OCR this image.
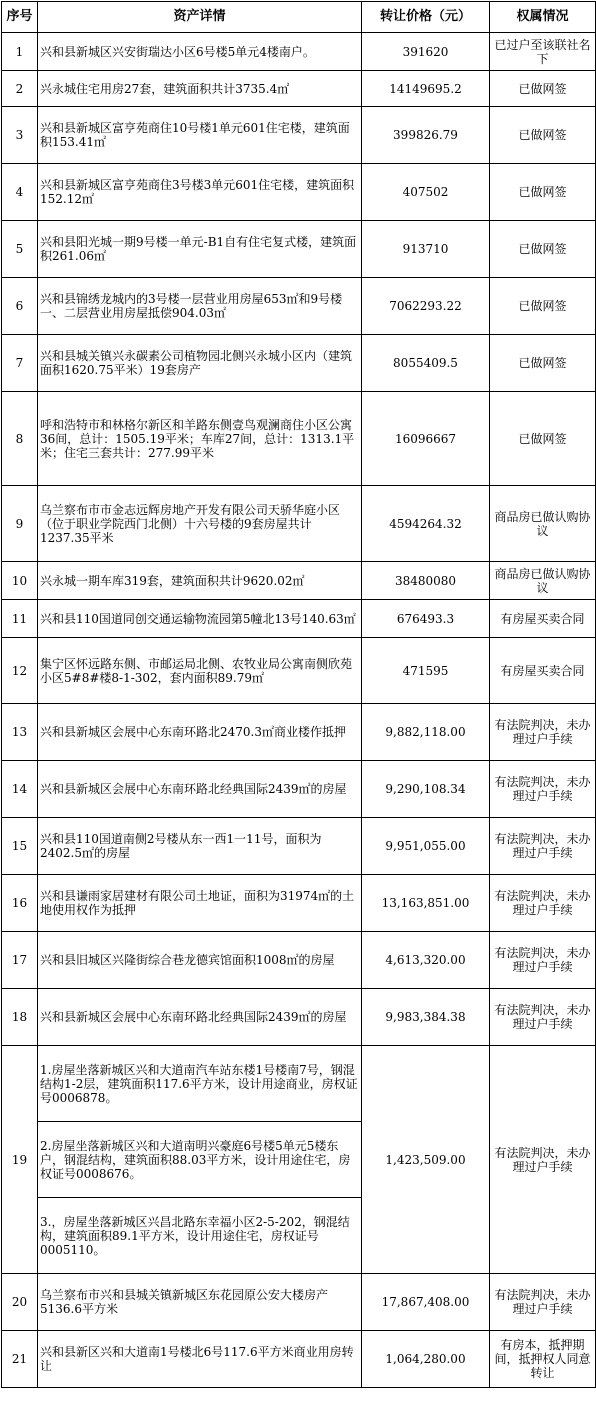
序号	资产详情	转让价格（元）	权属情况
1	兴和县新城区兴安街瑞达小区6号楼5单元4楼南户。	391620	已过户至该联社名下
2	兴永城住宅用房27套，建筑面积共计3735.4㎡	14149695.2	已做网签
3	兴和县新城区富亨苑商住10号楼1单元601住宅楼，建筑面积153.41㎡	399826.79	已做网签
4	兴和县新城区富亨苑商住3号楼3单元601住宅楼，建筑面积152.12㎡	407502	已做网签
5	兴和县阳光城一期9号楼一单元-B1自有住宅复式楼，建筑面积261.06㎡	913710	已做网签
6	兴和县锦绣龙城内的3号楼一层营业用房屋653㎡和9号楼一、二层营业用房屋抵偿904.03㎡	7062293.22	已做网签
7	兴和县城关镇兴永碳素公司植物园北侧兴永城小区内（建筑面积1620.75平米）19套房产	8055409.5	已做网签
8	呼和浩特市和林格尔新区和羊路东侧壹鸟观澜商住小区公寓36间，总计：1505.19平米；车库27间，总计：1313.1平米；住宅三套共计：277.99平米	16096667	已做网签
9	乌兰察布市市金志远辉房地产开发有限公司天骄华庭小区（位于职业学院西门北侧）十六号楼的9套房屋共计1237.35平米	4594264.32	商品房已做认购协议
10	兴永城一期车库319套，建筑面积共计9620.02㎡	38480080	商品房已做认购协议
11	兴和县110国道同创交通运输物流园第5幢北13号140.63㎡	676493.3	有房屋买卖合同
12	集宁区怀远路东侧、市邮运局北侧、农牧业局公寓南侧欣苑小区5#8#楼8-1-302，套内面积89.79㎡	471595	有房屋买卖合同
13	兴和县新城区会展中心东南环路北2470.3㎡商业楼作抵押	9,882,118.00	有法院判决，未办理过户手续
14	兴和县新城区会展中心东南环路北经典国际2439㎡的房屋	9,290,108.34	有法院判决，未办理过户手续
15	兴和县110国道南侧2号楼从东一西1一11号，面积为2402.5㎡的房屋	9,951,055.00	有法院判决，未办理过户手续
16	兴和县谦雨家居建材有限公司土地证，面积为31974㎡的土地使用权作为抵押	13,163,851.00	有法院判决，未办理过户手续
17	兴和县旧城区兴隆街综合巷龙德宾馆面积1008㎡的房屋	4,613,320.00	有法院判决，未办理过户手续
18	兴和县新城区会展中心东南环路北经典国际2439㎡的房屋	9,983,384.38	有法院判决，未办理过户手续
19	1.房屋坐落新城区兴和大道南汽车站东楼1号楼南7号，钢混结构1-2层，建筑面积117.6平方米，设计用途商业，房权证号0006878。	1,423,509.00	有法院判决，未办理过户手续
	2.房屋坐落新城区兴和大道南明兴豪庭6号楼5单元5楼东户，钢混结构，建筑面积88.03平方米，设计用途住宅，房权证号0008676。		
	3.，房屋坐落新城区兴昌北路东幸福小区2-5-202，钢混结构，建筑面积89.1平方米，设计用途住宅，房权证号0005110。		
20	乌兰察布市兴和县城关镇新城区东花园原公安大楼房产5136.6平方米	17,867,408.00	有法院判决，未办理过户手续
21	兴和县新区兴和大道南1号楼北6号117.6平方米商业用房转让	1,064,280.00	有房本，抵押期间，抵押权人同意转让
